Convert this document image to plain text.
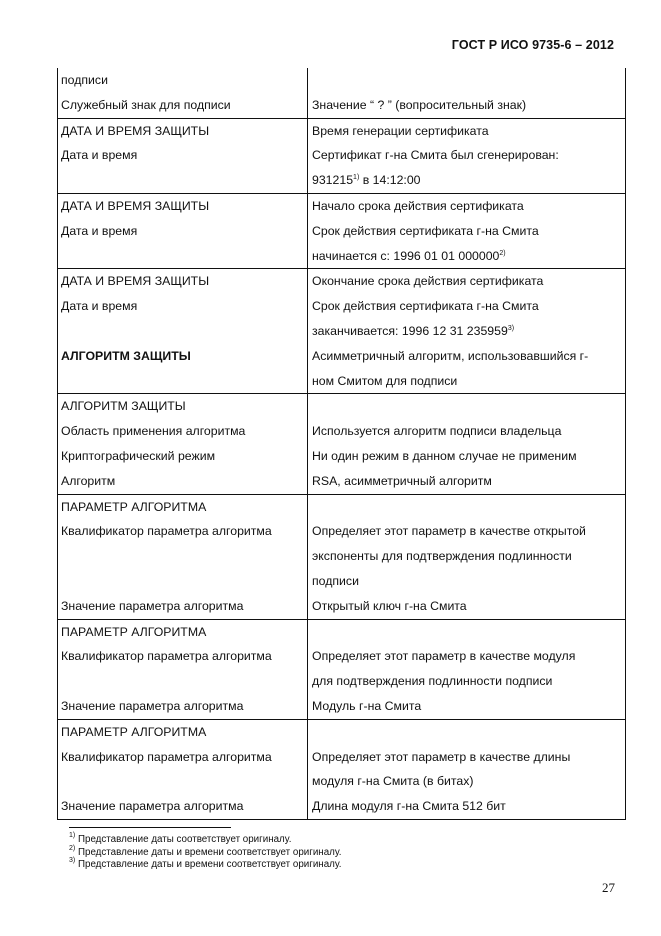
ГОСТ Р ИСО 9735-6 – 2012
подписи
Служебный знак для подписи	Значение “ ? ” (вопросительный знак)
ДАТА И ВРЕМЯ ЗАЩИТЫ	Время генерации сертификата
Дата и время	Сертификат г-на Смита был сгенерирован:
931215$^{1)}$ в 14:12:00
ДАТА И ВРЕМЯ ЗАЩИТЫ	Начало срока действия сертификата
Дата и время	Срок действия сертификата г-на Смита
начинается с: 1996 01 01 000000$^{2)}$
ДАТА И ВРЕМЯ ЗАЩИТЫ	Окончание срока действия сертификата
Дата и время	Срок действия сертификата г-на Смита
заканчивается: 1996 12 31 235959$^{3)}$
АЛГОРИТМ ЗАЩИТЫ	Асимметричный алгоритм, использовавшийся г-
ном Смитом для подписи
АЛГОРИТМ ЗАЩИТЫ
Область применения алгоритма	Используется алгоритм подписи владельца
Криптографический режим	Ни один режим в данном случае не применим
Алгоритм	RSA, асимметричный алгоритм
ПАРАМЕТР АЛГОРИТМА
Квалификатор параметра алгоритма	Определяет этот параметр в качестве открытой
экспоненты для подтверждения подлинности
подписи
Значение параметра алгоритма	Открытый ключ г-на Смита
ПАРАМЕТР АЛГОРИТМА
Квалификатор параметра алгоритма	Определяет этот параметр в качестве модуля
для подтверждения подлинности подписи
Значение параметра алгоритма	Модуль г-на Смита
ПАРАМЕТР АЛГОРИТМА
Квалификатор параметра алгоритма	Определяет этот параметр в качестве длины
модуля г-на Смита (в битах)
Значение параметра алгоритма	Длина модуля г-на Смита 512 бит
$^{1)}$ Представление даты соответствует оригиналу.
$^{2)}$ Представление даты и времени соответствует оригиналу.
$^{3)}$ Представление даты и времени соответствует оригиналу.
27
